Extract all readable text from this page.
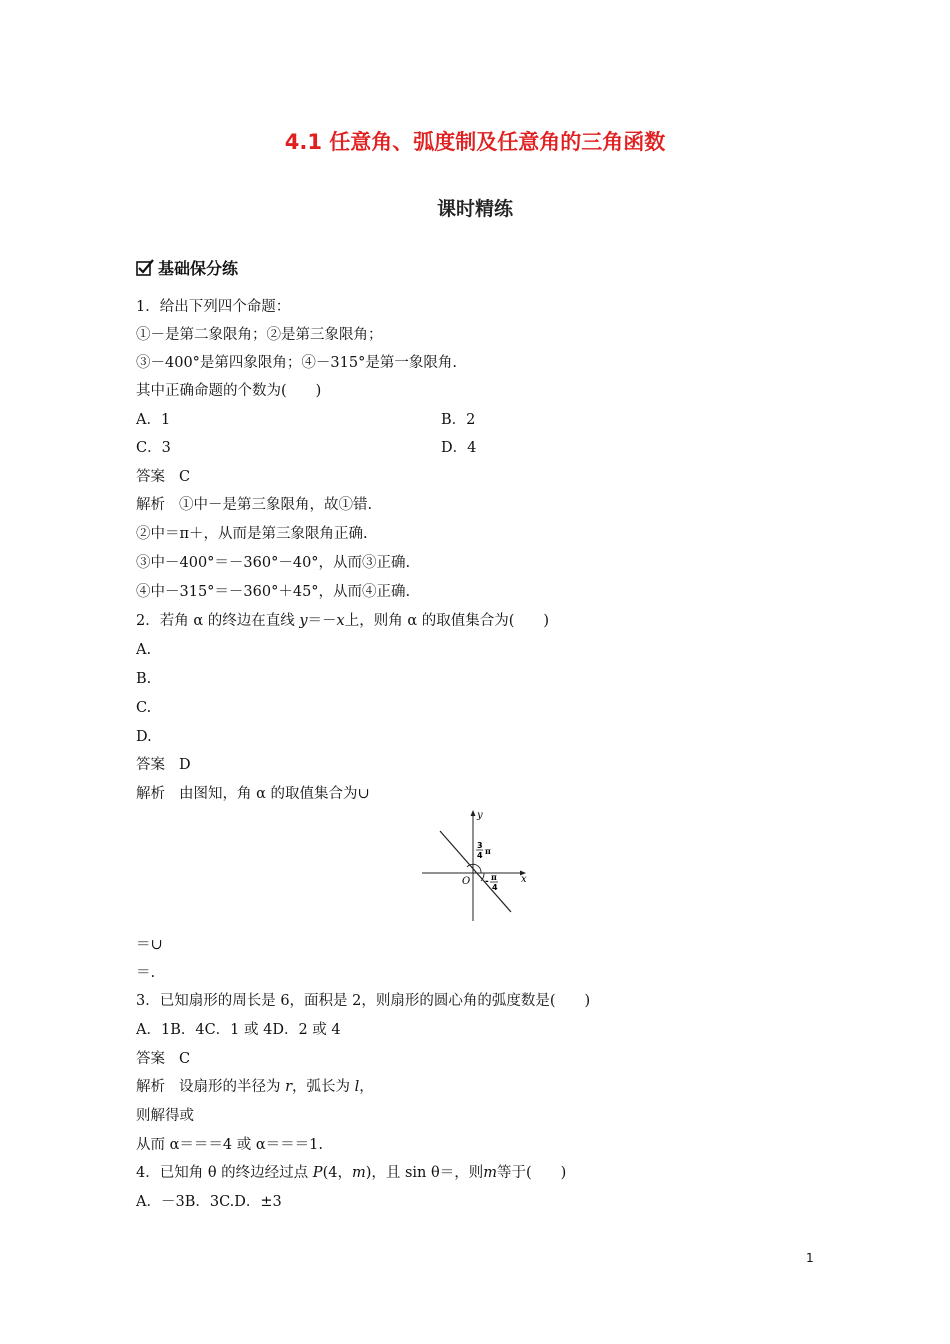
4.1 任意角、弧度制及任意角的三角函数
课时精练
基础保分练
1．给出下列四个命题：
①－是第二象限角；②是第三象限角；
③－400°是第四象限角；④－315°是第一象限角.
其中正确命题的个数为(　　)
A．1	B．2
C．3	D．4
答案 C
解析 ①中－是第三象限角，故①错.
②中＝π＋，从而是第三象限角正确.
③中－400°＝－360°－40°，从而③正确.
④中－315°＝－360°＋45°，从而④正确.
2．若角 α 的终边在直线 y＝－x上，则角 α 的取值集合为(　　)
A.
B.
C.
D.
答案 D
解析 由图知，角 α 的取值集合为∪
y
x
O
3
4 π
- π
4
＝∪
＝.
3．已知扇形的周长是 6，面积是 2，则扇形的圆心角的弧度数是(　　)
A．1B．4C．1 或 4D．2 或 4
答案 C
解析 设扇形的半径为 r，弧长为 l，
则解得或
从而 α＝＝＝4 或 α＝＝＝1.
4．已知角 θ 的终边经过点 P(4，m)，且 sin θ＝，则m等于(　　)
A．－3B．3C.D．±3
1
